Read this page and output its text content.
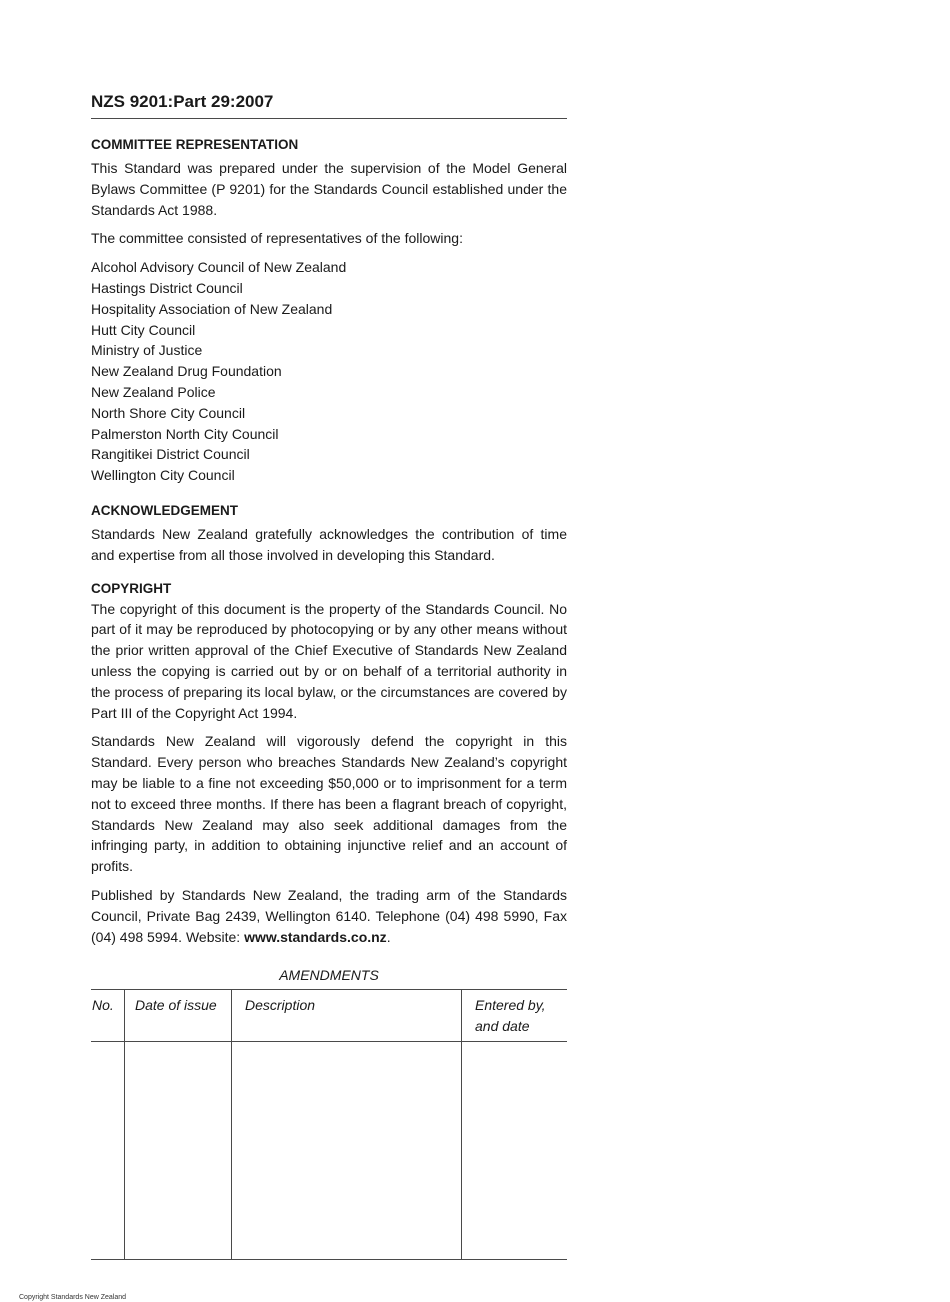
NZS 9201:Part 29:2007
COMMITTEE REPRESENTATION

This Standard was prepared under the supervision of the Model General Bylaws Committee (P 9201) for the Standards Council established under the Standards Act 1988.

The committee consisted of representatives of the following:

Alcohol Advisory Council of New Zealand
Hastings District Council
Hospitality Association of New Zealand
Hutt City Council
Ministry of Justice
New Zealand Drug Foundation
New Zealand Police
North Shore City Council
Palmerston North City Council
Rangitikei District Council
Wellington City Council
ACKNOWLEDGEMENT

Standards New Zealand gratefully acknowledges the contribution of time and expertise from all those involved in developing this Standard.

COPYRIGHT

The copyright of this document is the property of the Standards Council. No part of it may be reproduced by photocopying or by any other means without the prior written approval of the Chief Executive of Standards New Zealand unless the copying is carried out by or on behalf of a territorial authority in the process of preparing its local bylaw, or the circumstances are covered by Part III of the Copyright Act 1994.

Standards New Zealand will vigorously defend the copyright in this Standard. Every person who breaches Standards New Zealand’s copyright may be liable to a fine not exceeding $50,000 or to imprisonment for a term not to exceed three months. If there has been a flagrant breach of copyright, Standards New Zealand may also seek additional damages from the infringing party, in addition to obtaining injunctive relief and an account of profits.

Published by Standards New Zealand, the trading arm of the Standards Council, Private Bag 2439, Wellington 6140. Telephone (04) 498 5990, Fax (04) 498 5994. Website: www.standards.co.nz.

AMENDMENTS
No. Date of issue Description	Entered by,
and date
Copyright Standards New Zealand
